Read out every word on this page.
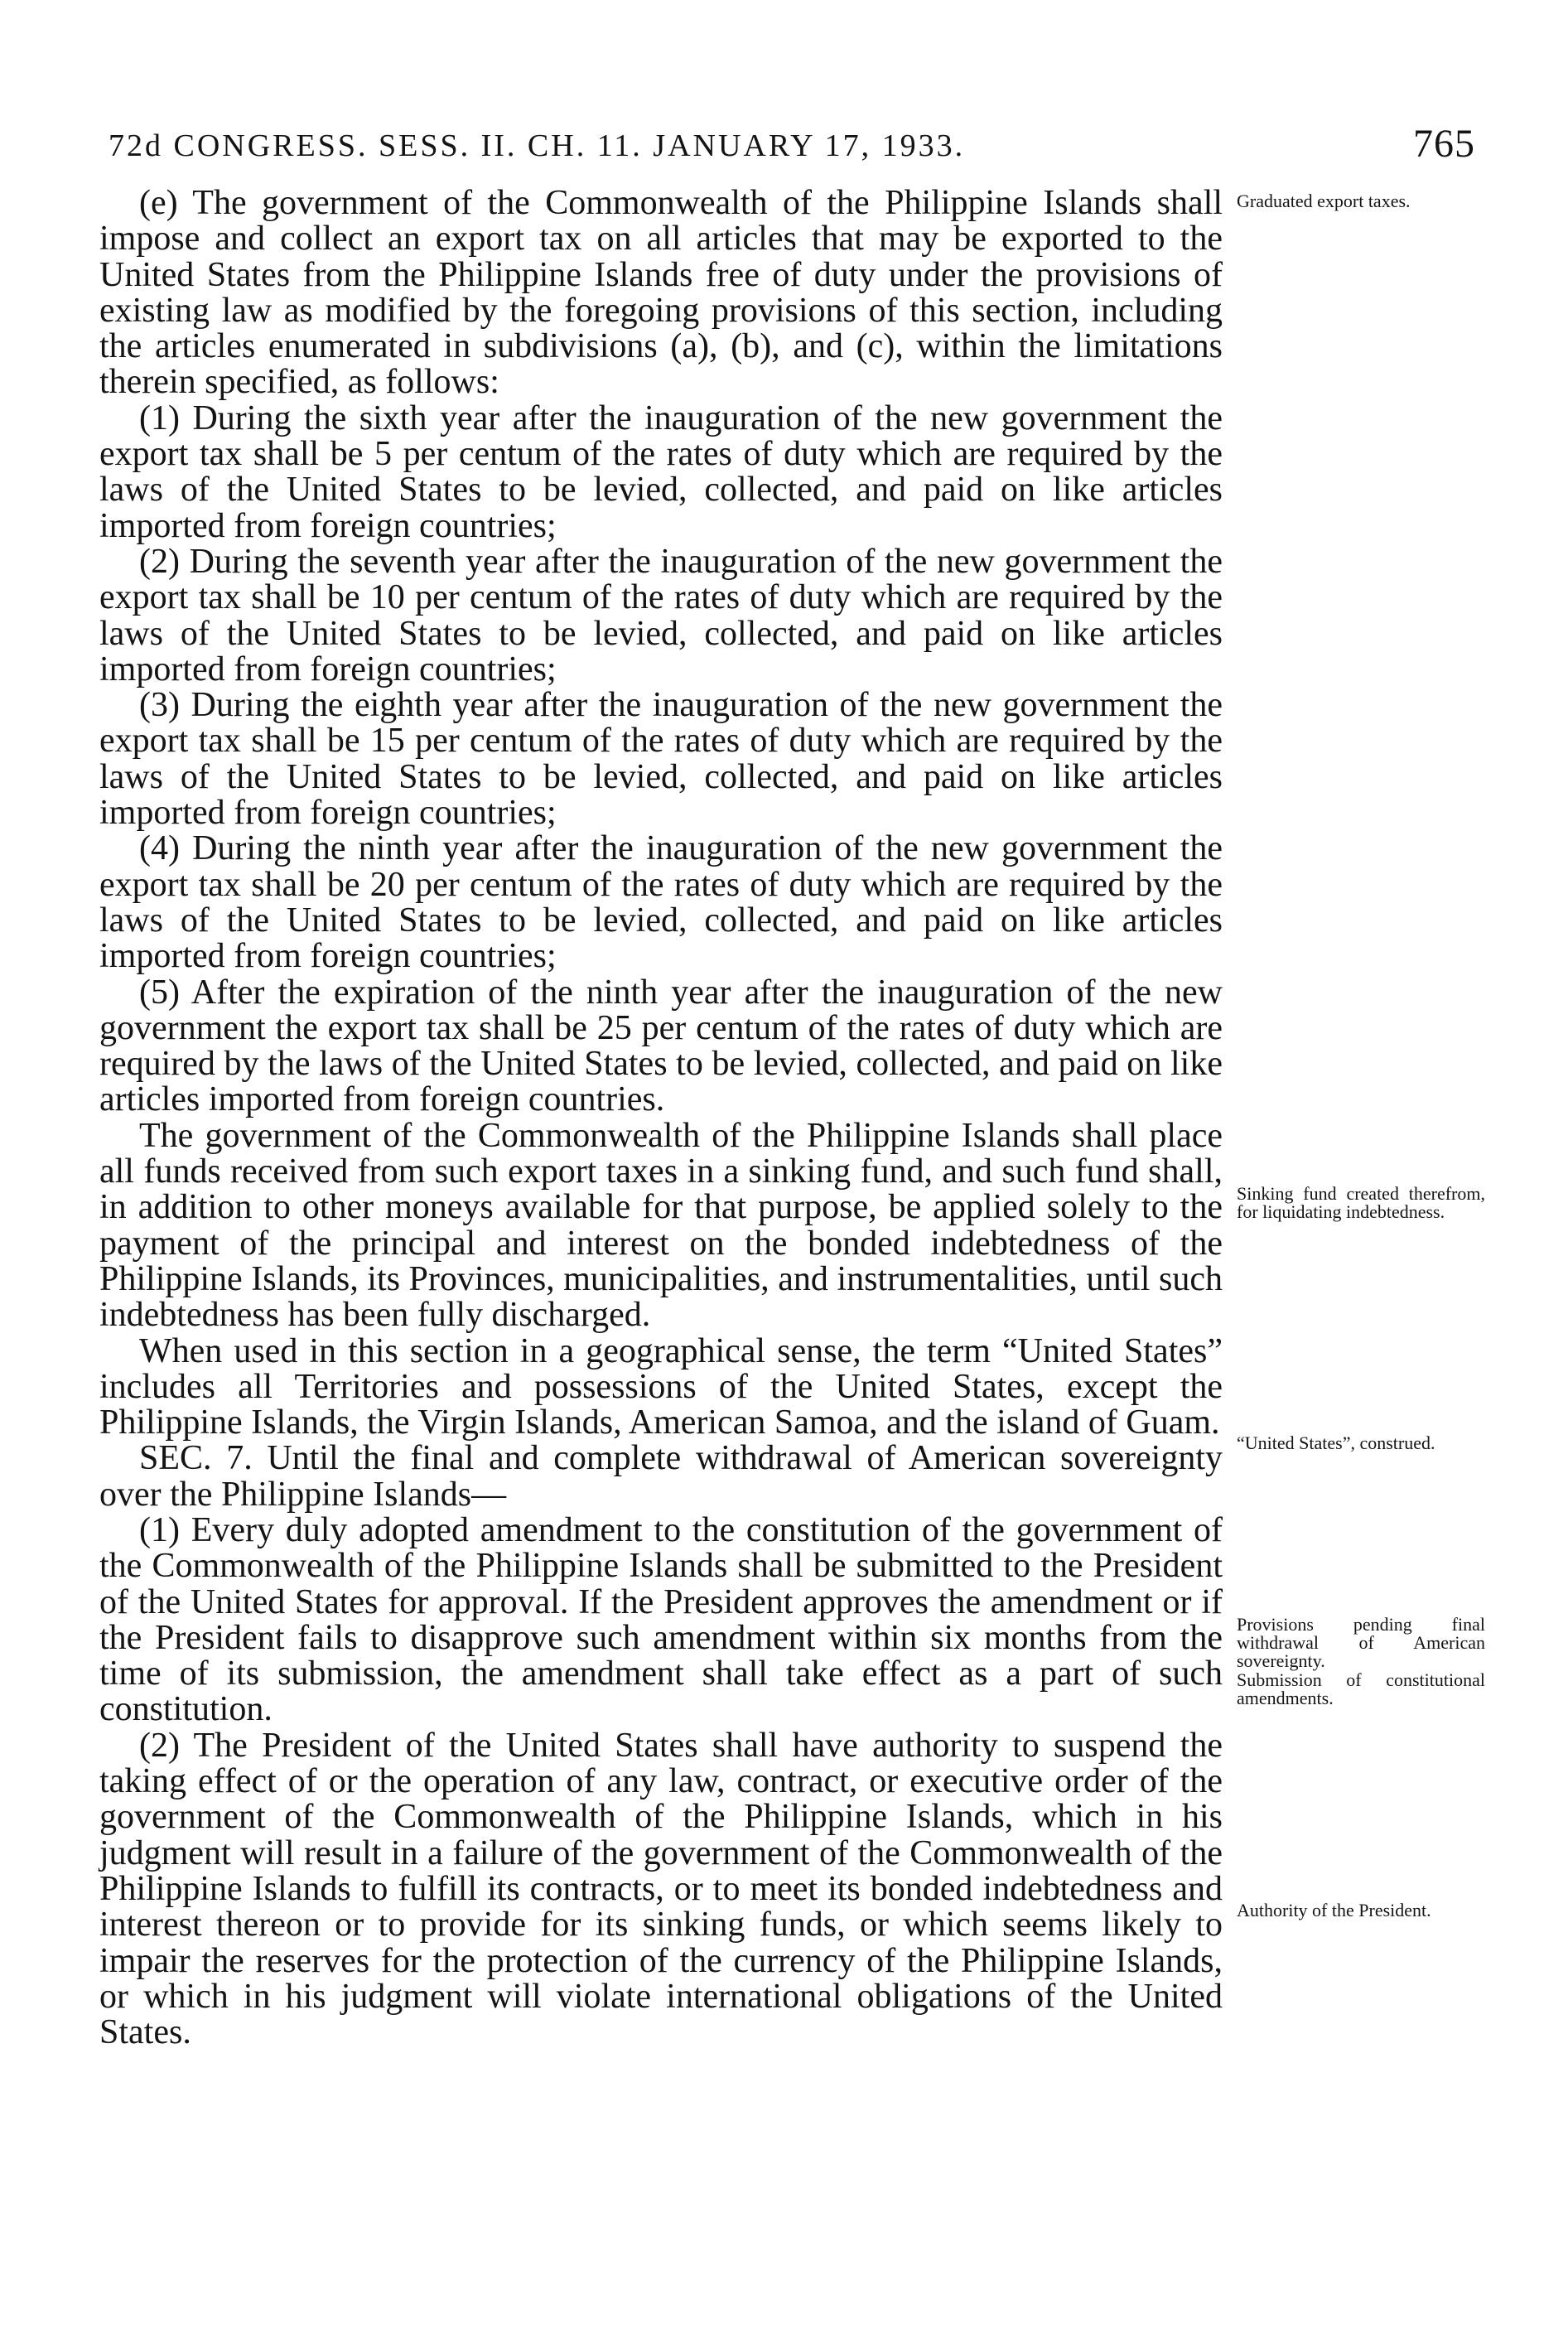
72d CONGRESS. SESS. II. CH. 11. JANUARY 17, 1933.	765

(e) The government of the Commonwealth of the Philippine Islands shall impose and collect an export tax on all articles that may be exported to the United States from the Philippine Islands free of duty under the provisions of existing law as modified by the foregoing provisions of this section, including the articles enumerated in subdivisions (a), (b), and (c), within the limitations therein specified, as follows:

(1) During the sixth year after the inauguration of the new government the export tax shall be 5 per centum of the rates of duty which are required by the laws of the United States to be levied, collected, and paid on like articles imported from foreign countries;

(2) During the seventh year after the inauguration of the new government the export tax shall be 10 per centum of the rates of duty which are required by the laws of the United States to be levied, collected, and paid on like articles imported from foreign countries;

(3) During the eighth year after the inauguration of the new government the export tax shall be 15 per centum of the rates of duty which are required by the laws of the United States to be levied, collected, and paid on like articles imported from foreign countries;

(4) During the ninth year after the inauguration of the new government the export tax shall be 20 per centum of the rates of duty which are required by the laws of the United States to be levied, collected, and paid on like articles imported from foreign countries;

(5) After the expiration of the ninth year after the inauguration of the new government the export tax shall be 25 per centum of the rates of duty which are required by the laws of the United States to be levied, collected, and paid on like articles imported from foreign countries.

The government of the Commonwealth of the Philippine Islands shall place all funds received from such export taxes in a sinking fund, and such fund shall, in addition to other moneys available for that purpose, be applied solely to the payment of the principal and interest on the bonded indebtedness of the Philippine Islands, its Provinces, municipalities, and instrumentalities, until such indebtedness has been fully discharged.

When used in this section in a geographical sense, the term “United States” includes all Territories and possessions of the United States, except the Philippine Islands, the Virgin Islands, American Samoa, and the island of Guam.

SEC. 7. Until the final and complete withdrawal of American sovereignty over the Philippine Islands—

(1) Every duly adopted amendment to the constitution of the government of the Commonwealth of the Philippine Islands shall be submitted to the President of the United States for approval. If the President approves the amendment or if the President fails to disapprove such amendment within six months from the time of its submission, the amendment shall take effect as a part of such constitution.

(2) The President of the United States shall have authority to suspend the taking effect of or the operation of any law, contract, or executive order of the government of the Commonwealth of the Philippine Islands, which in his judgment will result in a failure of the government of the Commonwealth of the Philippine Islands to fulfill its contracts, or to meet its bonded indebtedness and interest thereon or to provide for its sinking funds, or which seems likely to impair the reserves for the protection of the currency of the Philippine Islands, or which in his judgment will violate international obligations of the United States.

Graduated export taxes.
Sinking fund created therefrom, for liquidating indebtedness.
“United States”, construed.
Provisions pending final withdrawal of American sovereignty.
Submission of constitutional amendments.
Authority of the President.
